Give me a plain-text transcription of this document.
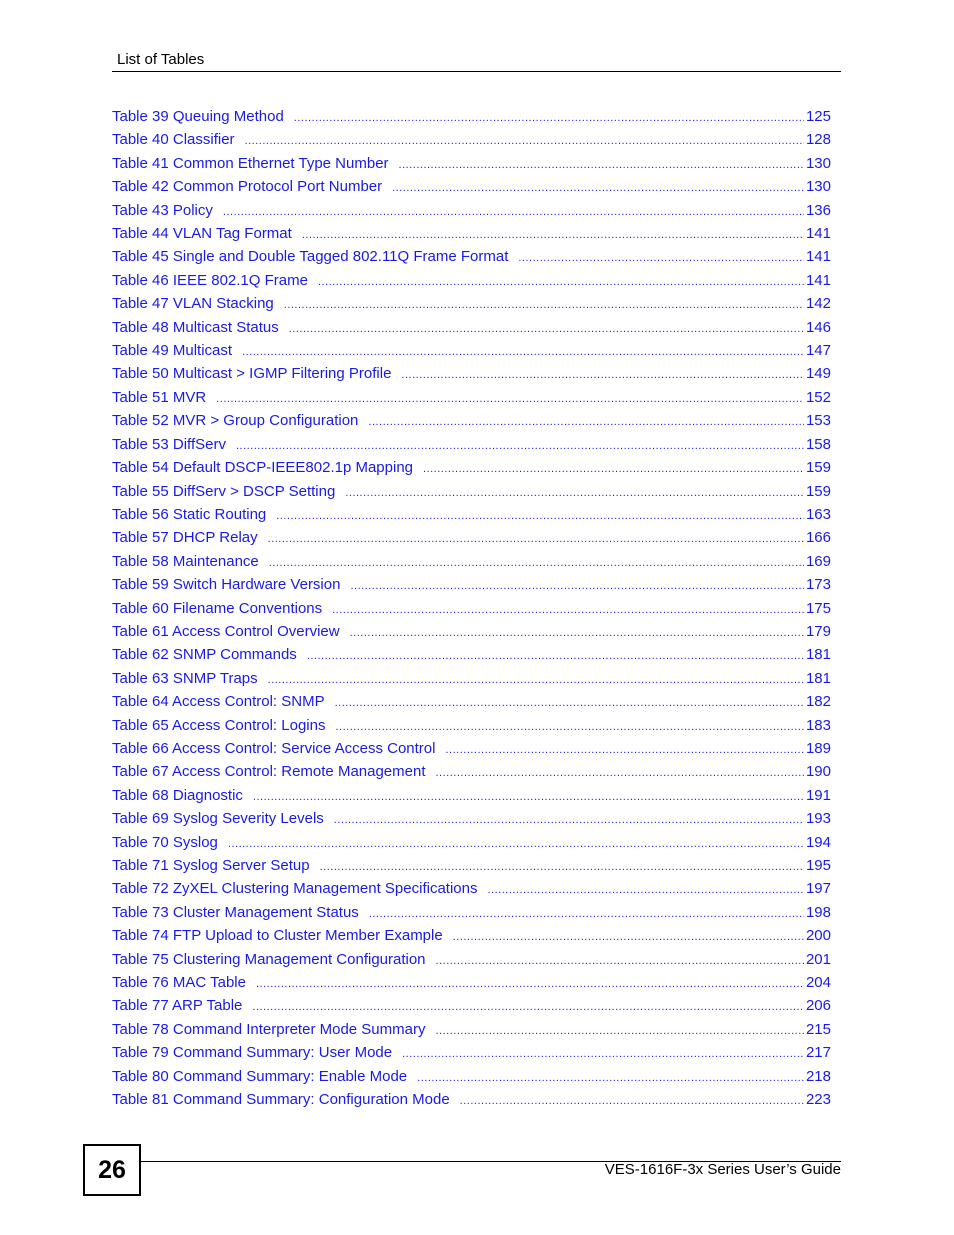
List of Tables
Table 39 Queuing Method .....	125
Table 40 Classifier .....	128
Table 41 Common Ethernet Type Number .....	130
Table 42 Common Protocol Port Number .....	130
Table 43 Policy .....	136
Table 44 VLAN Tag Format .....	141
Table 45 Single and Double Tagged 802.11Q Frame Format .....	141
Table 46 IEEE 802.1Q Frame .....	141
Table 47 VLAN Stacking .....	142
Table 48 Multicast Status .....	146
Table 49 Multicast .....	147
Table 50 Multicast > IGMP Filtering Profile .....	149
Table 51 MVR .....	152
Table 52 MVR > Group Configuration .....	153
Table 53 DiffServ .....	158
Table 54 Default DSCP-IEEE802.1p Mapping .....	159
Table 55 DiffServ > DSCP Setting .....	159
Table 56 Static Routing .....	163
Table 57 DHCP Relay .....	166
Table 58 Maintenance .....	169
Table 59 Switch Hardware Version .....	173
Table 60 Filename Conventions .....	175
Table 61 Access Control Overview .....	179
Table 62 SNMP Commands .....	181
Table 63 SNMP Traps .....	181
Table 64 Access Control: SNMP .....	182
Table 65 Access Control: Logins .....	183
Table 66 Access Control: Service Access Control .....	189
Table 67 Access Control: Remote Management .....	190
Table 68 Diagnostic .....	191
Table 69 Syslog Severity Levels .....	193
Table 70 Syslog .....	194
Table 71 Syslog Server Setup .....	195
Table 72 ZyXEL Clustering Management Specifications .....	197
Table 73 Cluster Management Status .....	198
Table 74 FTP Upload to Cluster Member Example .....	200
Table 75 Clustering Management Configuration .....	201
Table 76 MAC Table .....	204
Table 77 ARP Table .....	206
Table 78 Command Interpreter Mode Summary .....	215
Table 79 Command Summary: User Mode .....	217
Table 80 Command Summary: Enable Mode .....	218
Table 81 Command Summary: Configuration Mode .....	223
26	VES-1616F-3x Series User’s Guide
